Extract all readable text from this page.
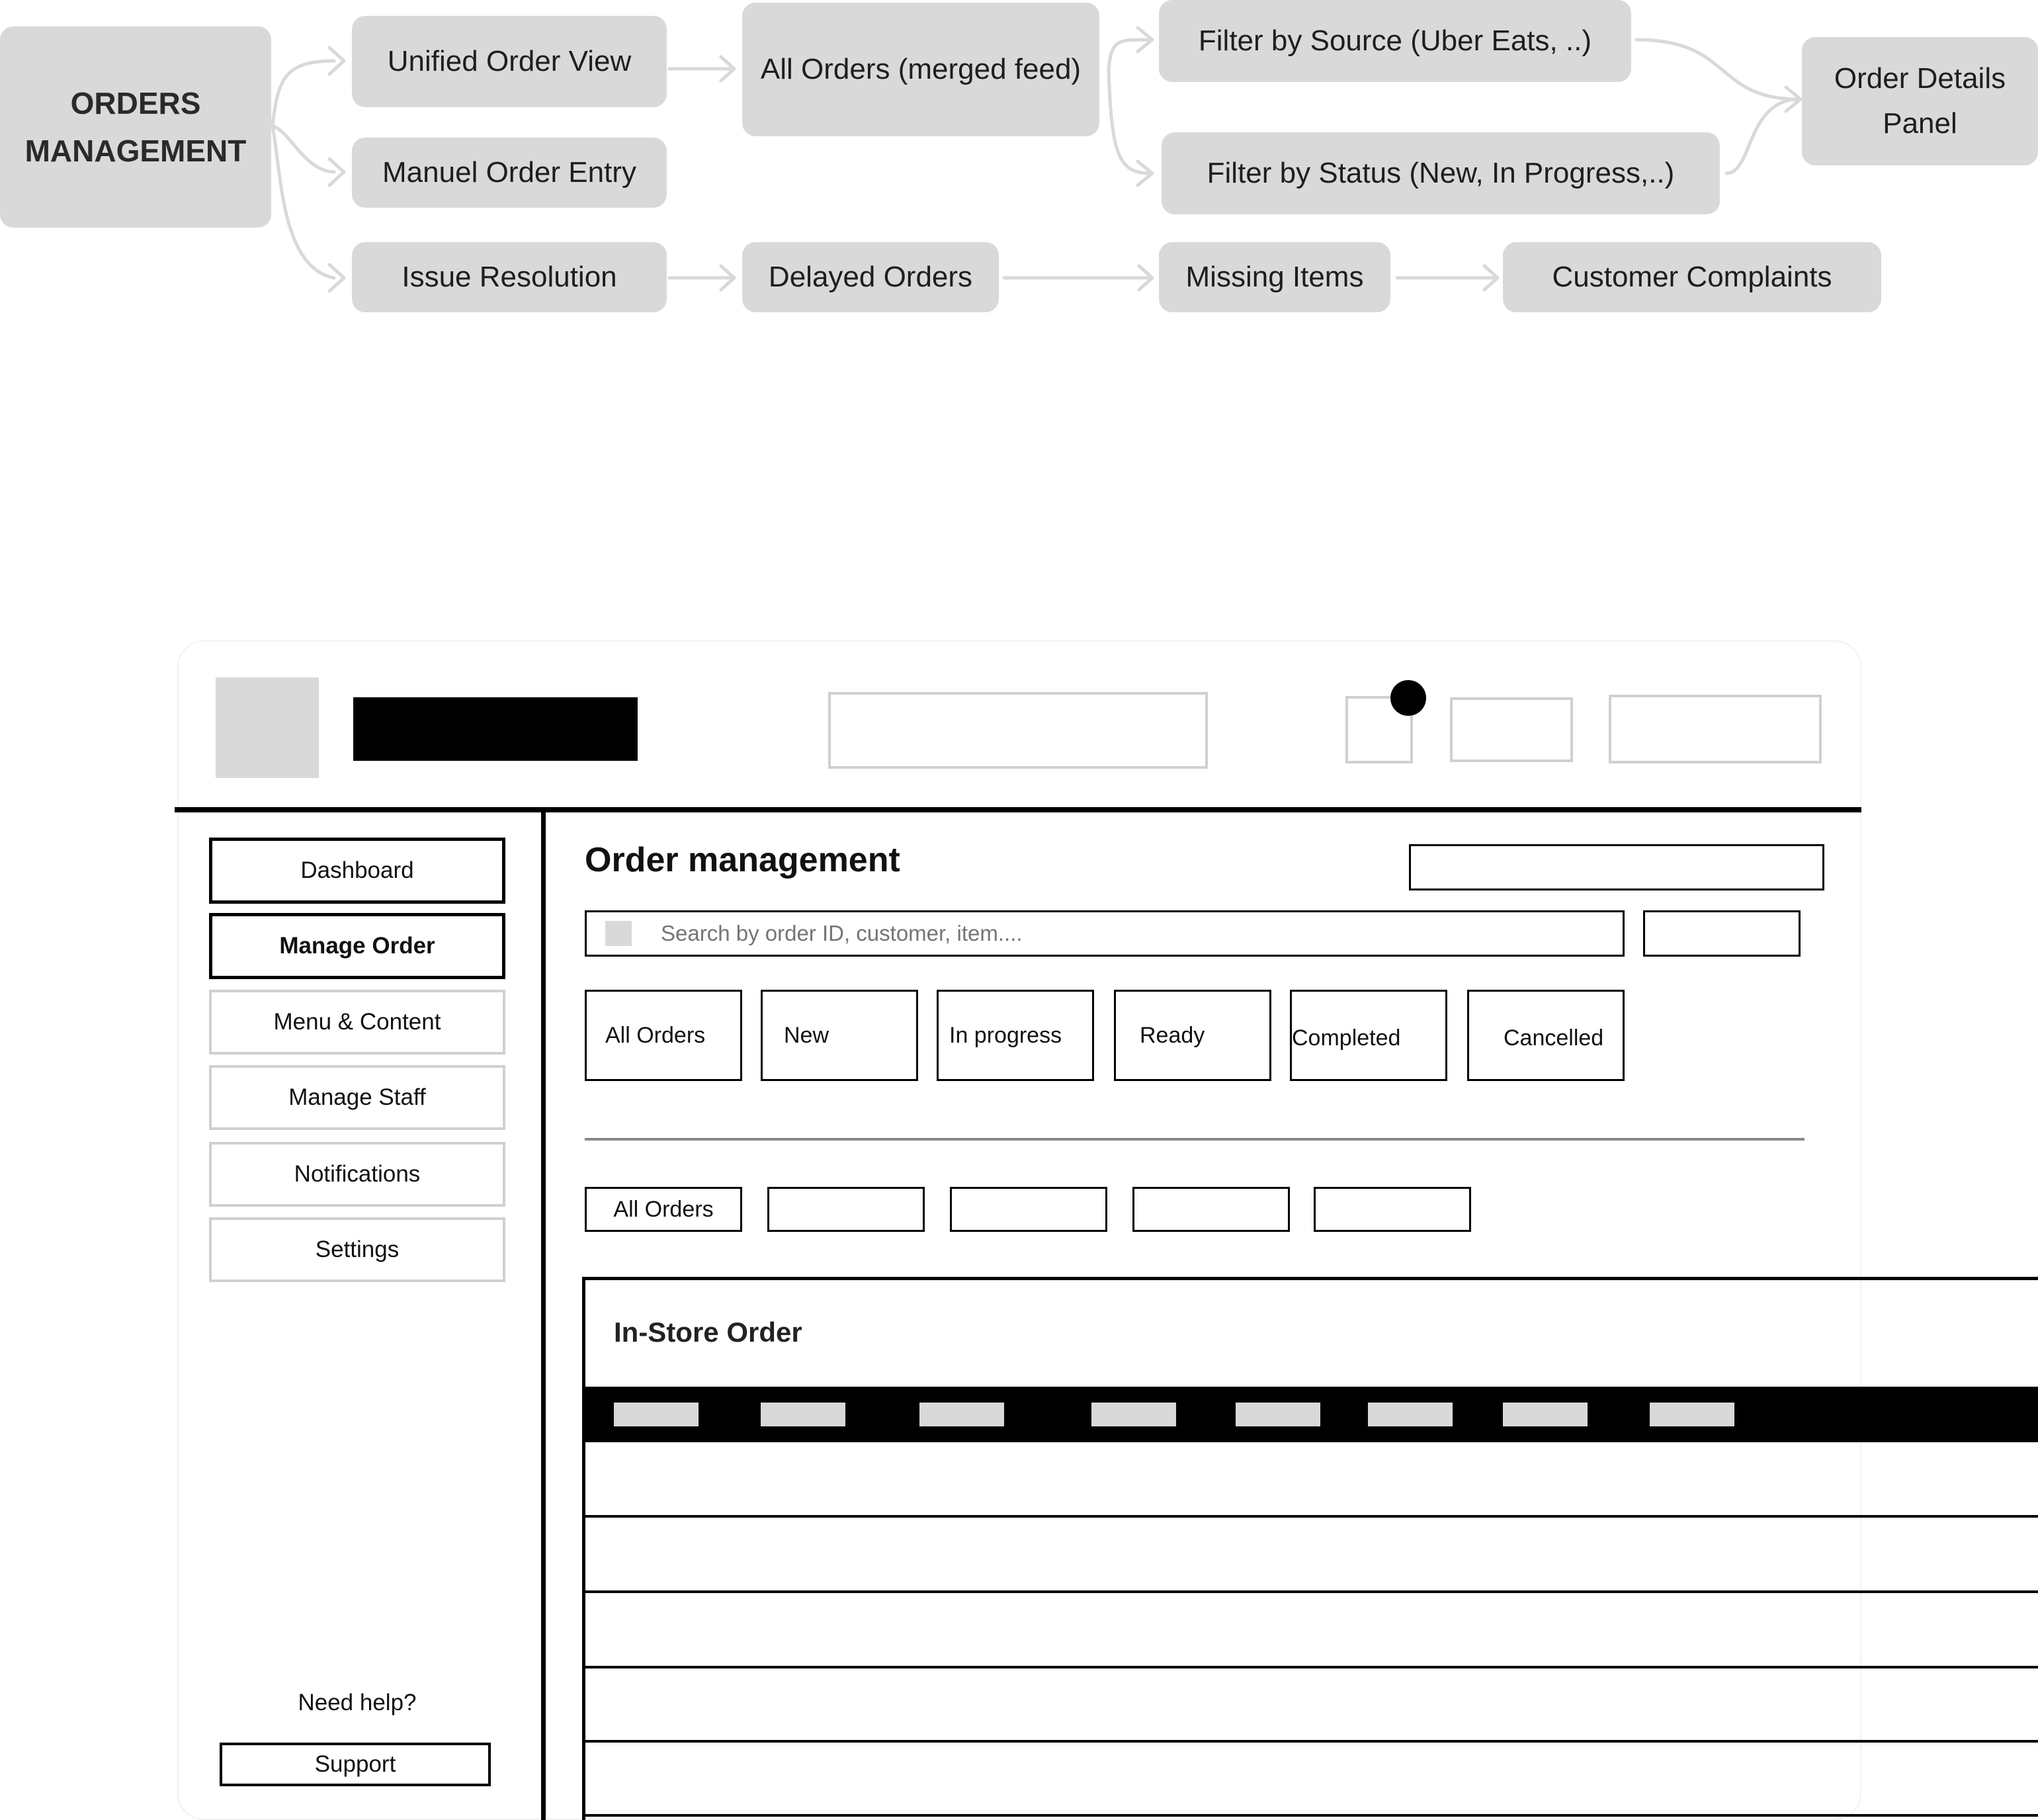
ORDERS MANAGEMENT
Unified Order View
Manuel Order Entry
Issue Resolution
All Orders (merged feed)
Filter by Source (Uber Eats, ..)
Filter by Status (New, In Progress,..)
Order Details Panel
Delayed Orders	Missing Items	Customer Complaints
Dashboard
Manage Order
Menu & Content
Manage Staff
Notifications
Settings
Need help?
Support
Order management
Search by order ID, customer, item....
All Orders	New	In progress	Ready	Completed	Cancelled
All Orders
In-Store Order
